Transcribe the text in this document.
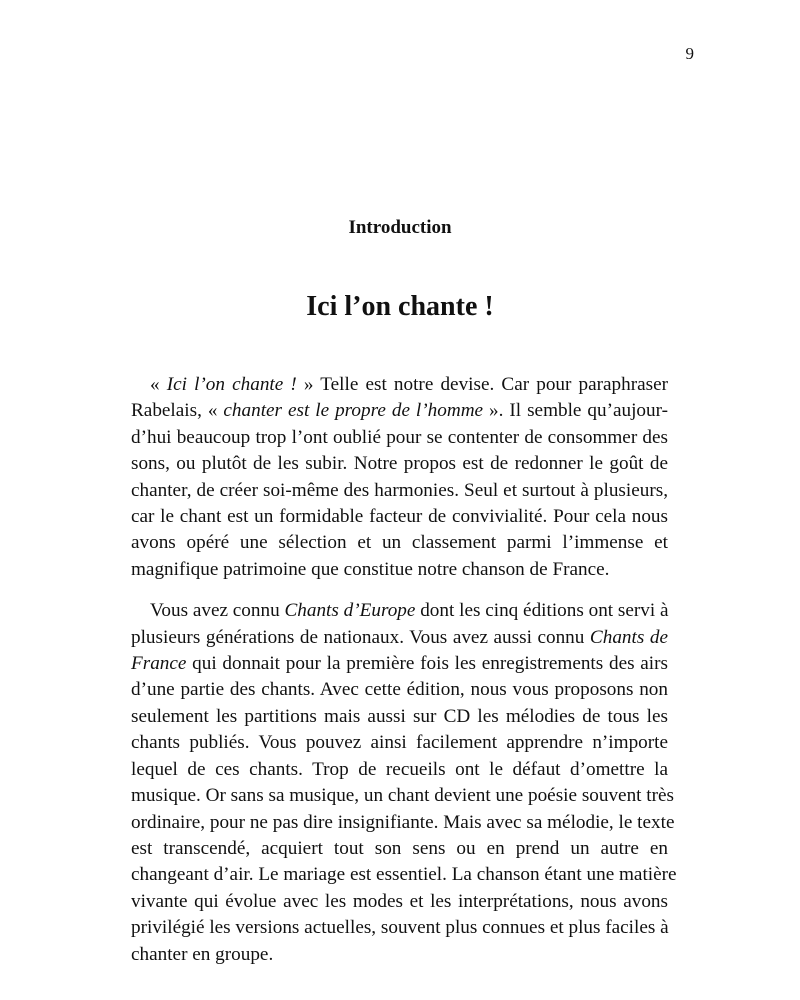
9
Introduction
Ici l’on chante !

« Ici l’on chante ! » Telle est notre devise. Car pour paraphraser
Rabelais, « chanter est le propre de l’homme ». Il semble qu’aujour-
d’hui beaucoup trop l’ont oublié pour se contenter de consommer des
sons, ou plutôt de les subir. Notre propos est de redonner le goût de
chanter, de créer soi-même des harmonies. Seul et surtout à plusieurs,
car le chant est un formidable facteur de convivialité. Pour cela nous
avons opéré une sélection et un classement parmi l’immense et
magnifique patrimoine que constitue notre chanson de France.

Vous avez connu Chants d’Europe dont les cinq éditions ont servi à
plusieurs générations de nationaux. Vous avez aussi connu Chants de
France qui donnait pour la première fois les enregistrements des airs
d’une partie des chants. Avec cette édition, nous vous proposons non
seulement les partitions mais aussi sur CD les mélodies de tous les
chants publiés. Vous pouvez ainsi facilement apprendre n’importe
lequel de ces chants. Trop de recueils ont le défaut d’omettre la
musique. Or sans sa musique, un chant devient une poésie souvent très
ordinaire, pour ne pas dire insignifiante. Mais avec sa mélodie, le texte
est transcendé, acquiert tout son sens ou en prend un autre en
changeant d’air. Le mariage est essentiel. La chanson étant une matière
vivante qui évolue avec les modes et les interprétations, nous avons
privilégié les versions actuelles, souvent plus connues et plus faciles à
chanter en groupe.
